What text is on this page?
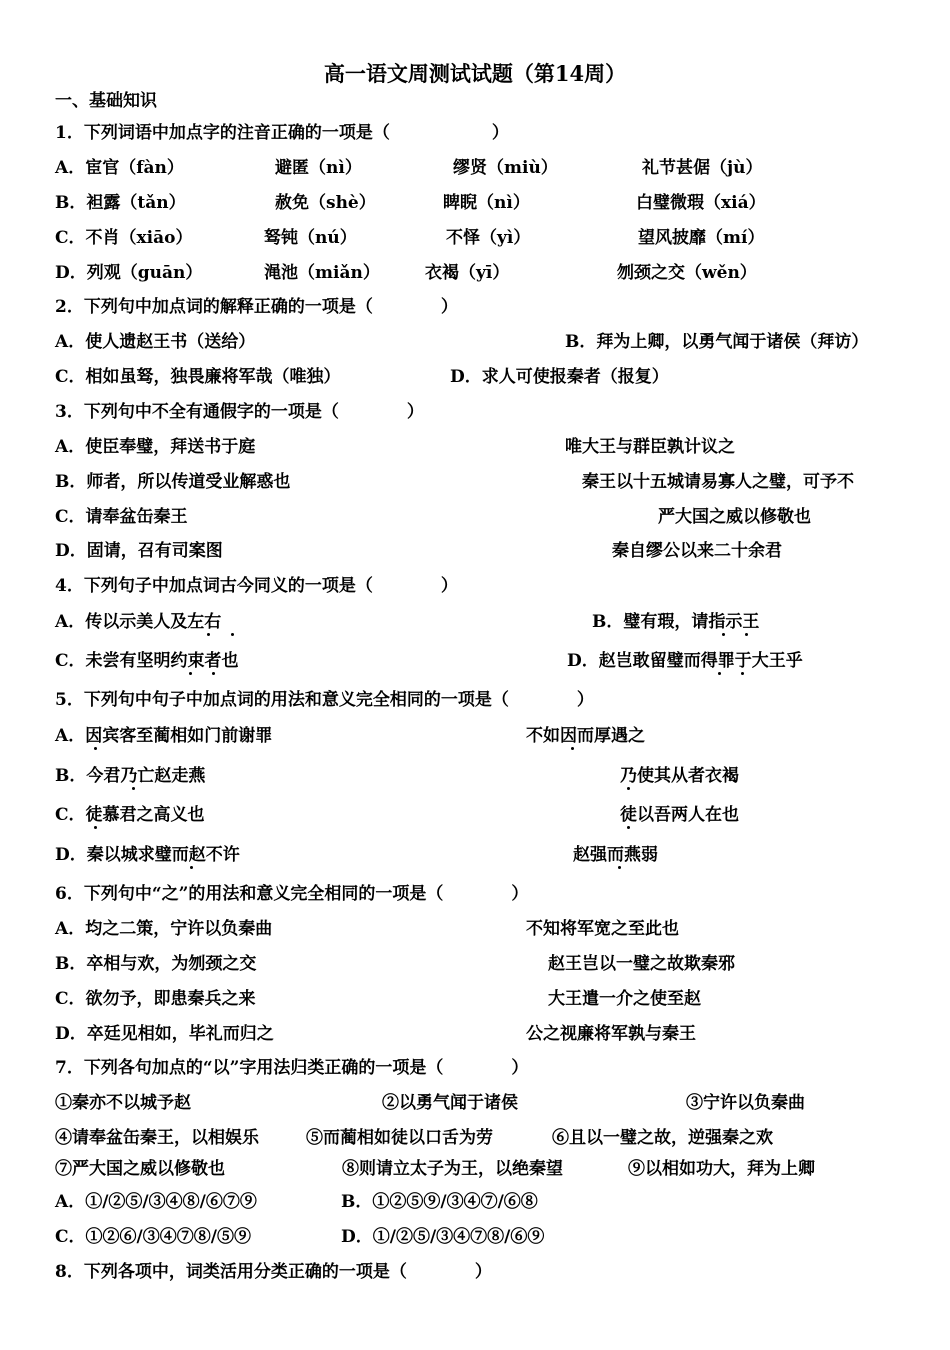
高一语文周测试试题（第14周）
一、基础知识
1．下列词语中加点字的注音正确的一项是（　　　　　　）
A．宦官（fàn）	避匿（nì）	缪贤（miù）	礼节甚倨（jù）
B．袒露（tǎn）	赦免（shè）	睥睨（nì）	白璧微瑕（xiá）
C．不肖（xiāo）	驽钝（nú）	不怿（yì）	望风披靡（mí）
D．列观（guān）	渑池（miǎn）	衣褐（yī）	刎颈之交（wěn）
2．下列句中加点词的解释正确的一项是（　　　　）
A．使人遗赵王书（送给）	B．拜为上卿，以勇气闻于诸侯（拜访）
C．相如虽驽，独畏廉将军哉（唯独）	D．求人可使报秦者（报复）
3．下列句中不全有通假字的一项是（　　　　）
A．使臣奉璧，拜送书于庭	唯大王与群臣孰计议之
B．师者，所以传道受业解惑也	秦王以十五城请易寡人之璧，可予不
C．请奉盆缶秦王	严大国之威以修敬也
D．固请，召有司案图	秦自缪公以来二十余君
4．下列句子中加点词古今同义的一项是（　　　　）
A．传以示美人及左右	B．璧有瑕，请指示王
C．未尝有坚明约束者也	D．赵岂敢留璧而得罪于大王乎
5．下列句中句子中加点词的用法和意义完全相同的一项是（　　　　）
A．因宾客至蔺相如门前谢罪	不如因而厚遇之
B．今君乃亡赵走燕	乃使其从者衣褐
C．徒慕君之高义也	徒以吾两人在也
D．秦以城求璧而赵不许	赵强而燕弱
6．下列句中“之”的用法和意义完全相同的一项是（　　　　）
A．均之二策，宁许以负秦曲	不知将军宽之至此也
B．卒相与欢，为刎颈之交	赵王岂以一璧之故欺秦邪
C．欲勿予，即患秦兵之来	大王遣一介之使至赵
D．卒廷见相如，毕礼而归之	公之视廉将军孰与秦王
7．下列各句加点的“以”字用法归类正确的一项是（　　　　）
①秦亦不以城予赵	②以勇气闻于诸侯	③宁许以负秦曲
④请奉盆缶秦王，以相娱乐	⑤而蔺相如徒以口舌为劳	⑥且以一璧之故，逆强秦之欢
⑦严大国之威以修敬也	⑧则请立太子为王，以绝秦望	⑨以相如功大，拜为上卿
A．①/②⑤/③④⑧/⑥⑦⑨	B．①②⑤⑨/③④⑦/⑥⑧
C．①②⑥/③④⑦⑧/⑤⑨	D．①/②⑤/③④⑦⑧/⑥⑨
8．下列各项中，词类活用分类正确的一项是（　　　　）
